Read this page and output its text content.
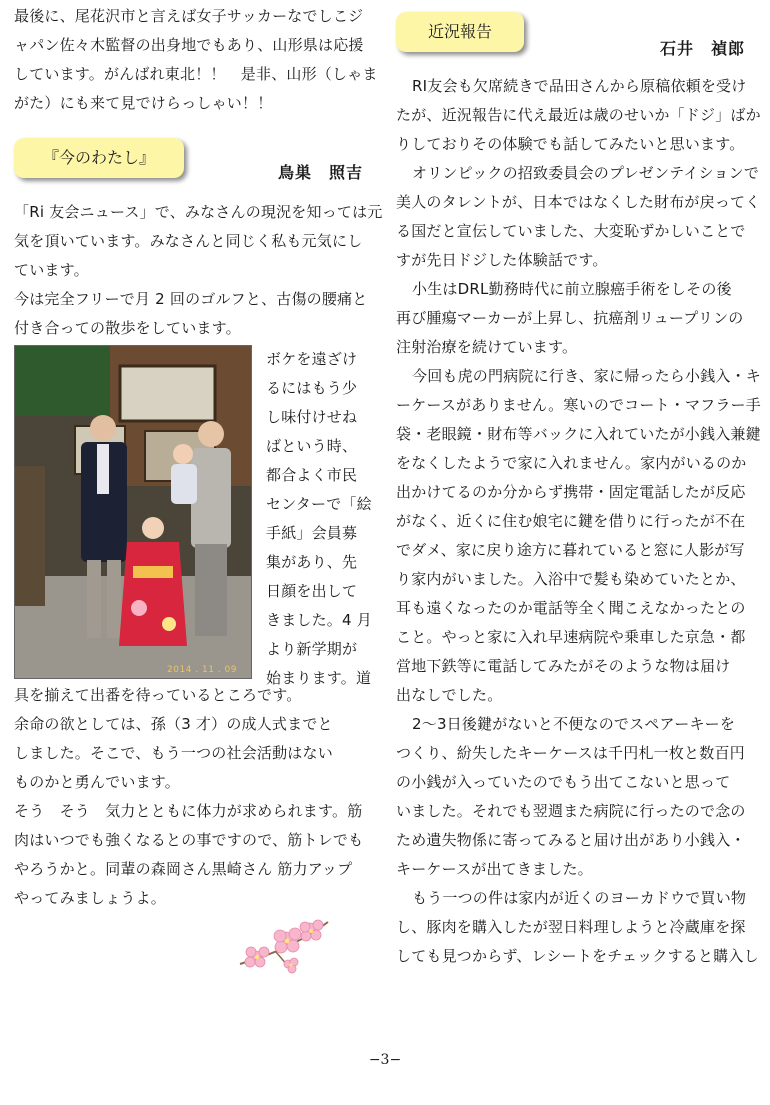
最後に、尾花沢市と言えば女子サッカーなでしこジ

ャパン佐々木監督の出身地でもあり、山形県は応援

しています。がんばれ東北！！　是非、山形（しゃま

がた）にも来て見でけらっしゃい！！

『今のわたし』
鳥巣　照吉

「Ri 友会ニュース」で、みなさんの現況を知っては元

気を頂いています。みなさんと同じく私も元気にし

ています。

今は完全フリーで月 2 回のゴルフと、古傷の腰痛と

付き合っての散歩をしています。

2014 . 11 . 09

ボケを遠ざけ

るにはもう少

し味付けせね

ばという時、

都合よく市民

センターで「絵

手紙」会員募

集があり、先

日顔を出して

きました。4 月

より新学期が

始まります。道

具を揃えて出番を待っているところです。

余命の欲としては、孫（3 才）の成人式までと

しました。そこで、もう一つの社会活動はない

ものかと勇んでいます。

そう　そう　気力とともに体力が求められます。筋

肉はいつでも強くなるとの事ですので、筋トレでも

やろうかと。同輩の森岡さん黒崎さん 筋力アップ

やってみましょうよ。

近況報告
石井　禎郎

RI友会も欠席続きで品田さんから原稿依頼を受け

たが、近況報告に代え最近は歳のせいか「ドジ」ばか

りしておりその体験でも話してみたいと思います。

オリンピックの招致委員会のプレゼンテイションで

美人のタレントが、日本ではなくした財布が戻ってく

る国だと宣伝していました、大変恥ずかしいことで

すが先日ドジした体験話です。

小生はDRL勤務時代に前立腺癌手術をしその後

再び腫瘍マーカーが上昇し、抗癌剤リュープリンの

注射治療を続けています。

今回も虎の門病院に行き、家に帰ったら小銭入・キ

ーケースがありません。寒いのでコート・マフラー手

袋・老眼鏡・財布等バックに入れていたが小銭入兼鍵

をなくしたようで家に入れません。家内がいるのか

出かけてるのか分からず携帯・固定電話したが反応

がなく、近くに住む娘宅に鍵を借りに行ったが不在

でダメ、家に戻り途方に暮れていると窓に人影が写

り家内がいました。入浴中で髪も染めていたとか、

耳も遠くなったのか電話等全く聞こえなかったとの

こと。やっと家に入れ早速病院や乗車した京急・都

営地下鉄等に電話してみたがそのような物は届け

出なしでした。

2～3日後鍵がないと不便なのでスペアーキーを

つくり、紛失したキーケースは千円札一枚と数百円

の小銭が入っていたのでもう出てこないと思って

いました。それでも翌週また病院に行ったので念の

ため遺失物係に寄ってみると届け出があり小銭入・

キーケースが出てきました。

もう一つの件は家内が近くのヨーカドウで買い物

し、豚肉を購入したが翌日料理しようと冷蔵庫を探

しても見つからず、レシートをチェックすると購入し

−3−
